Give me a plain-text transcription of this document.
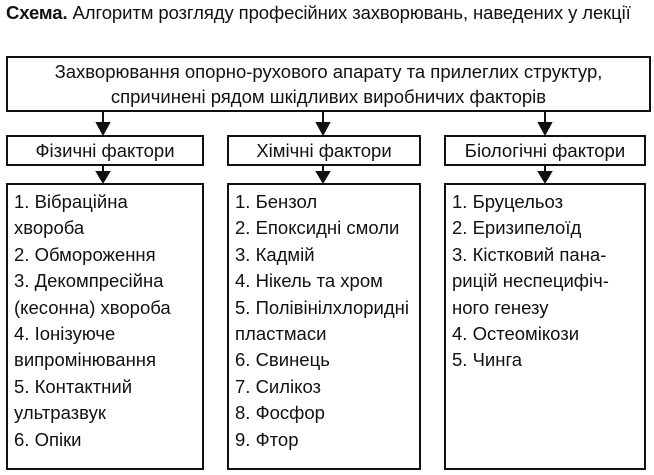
Схема. Алгоритм розгляду професійних захворювань, наведених у лекції
Захворювання опорно-рухового апарату та прилеглих структур,
спричинені рядом шкідливих виробничих факторів
Фізичні фактори	Хімічні фактори	Біологічні фактори
1. Вібраційна
хвороба
2. Обмороження
3. Декомпресійна
(кесонна) хвороба
4. Іонізуюче
випромінювання
5. Контактний
ультразвук
6. Опіки
1. Бензол
2. Епоксидні смоли
3. Кадмій
4. Нікель та хром
5. Полівінілхлоридні
пластмаси
6. Свинець
7. Силікоз
8. Фосфор
9. Фтор
1. Бруцельоз
2. Еризипелоїд
3. Кістковий пана-
рицій неспецифіч-
ного генезу
4. Остеомікози
5. Чинга
